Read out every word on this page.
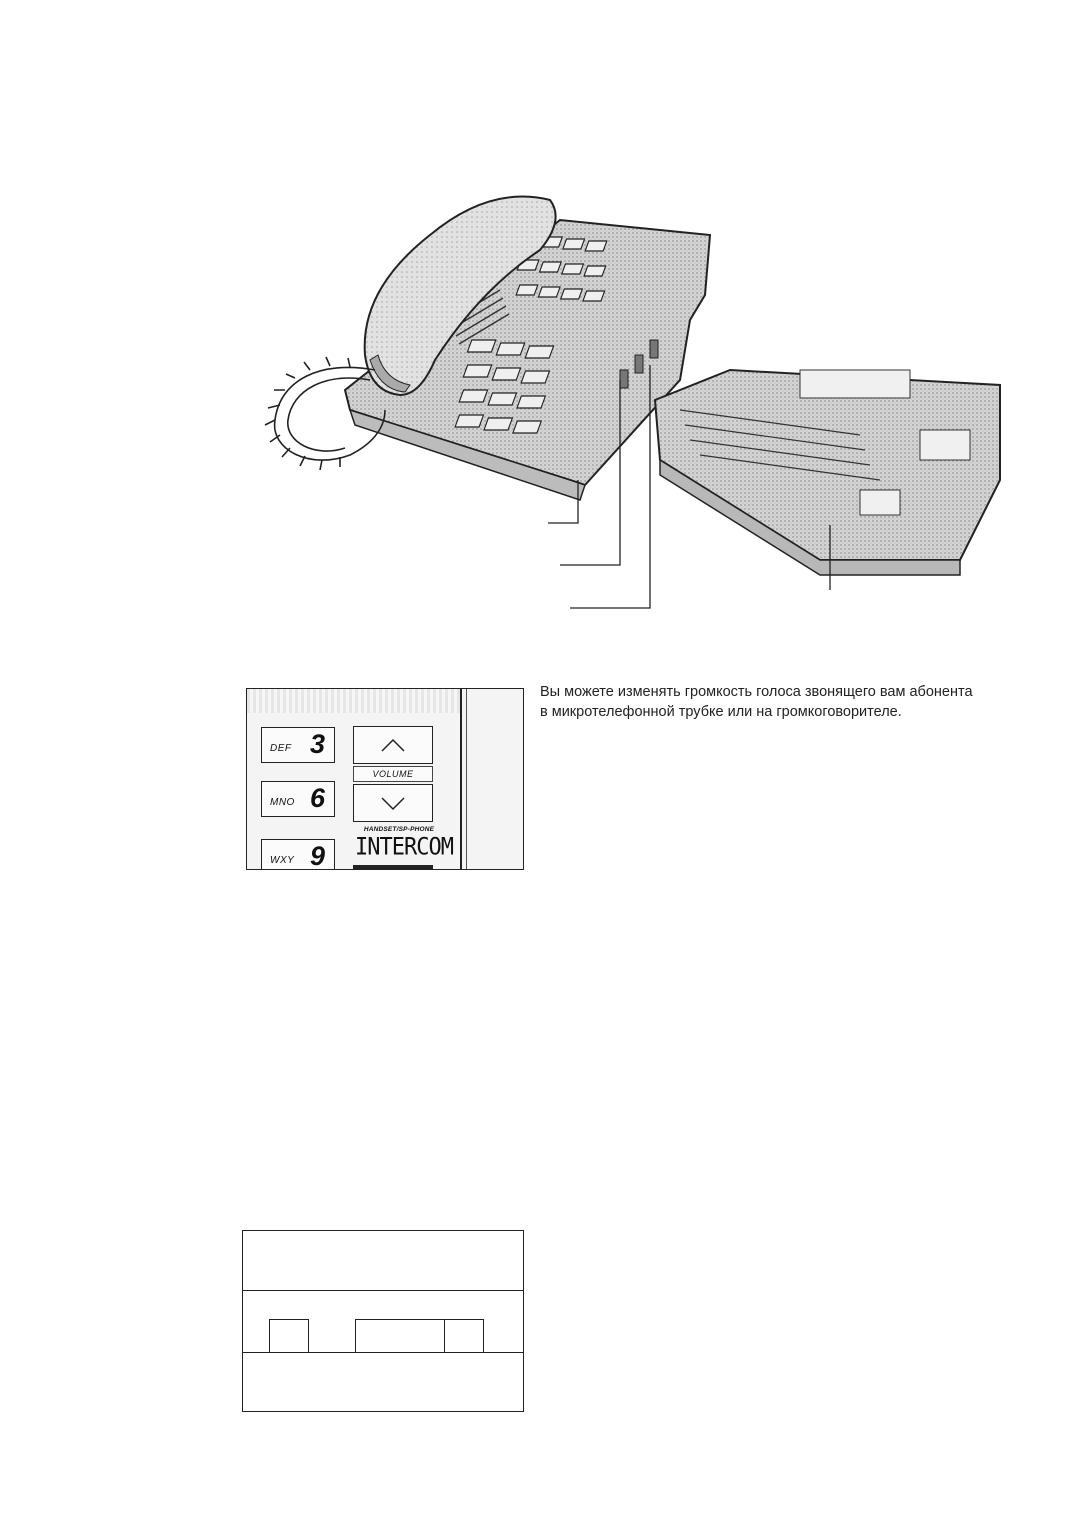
DEF 3
MNO 6
WXY 9
VOLUME
HANDSET/SP-PHONE
INTERCOM

Вы можете изменять громкость голоса звонящего вам абонента в микротелефонной трубке или на громкоговорителе.
